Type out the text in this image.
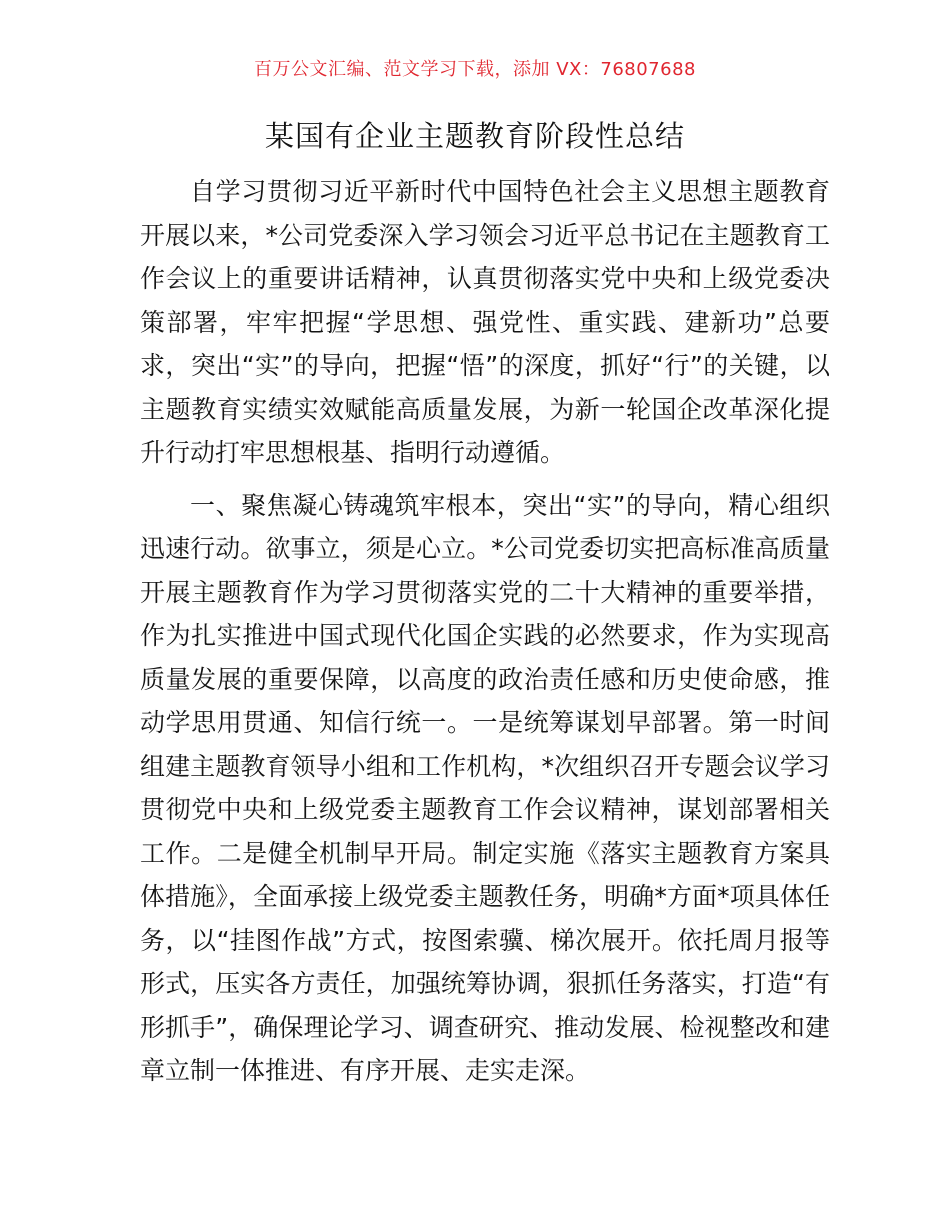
百万公文汇编、范文学习下载，添加 VX：76807688
某国有企业主题教育阶段性总结

自学习贯彻习近平新时代中国特色社会主义思想主题教育开展以来，*公司党委深入学习领会习近平总书记在主题教育工作会议上的重要讲话精神，认真贯彻落实党中央和上级党委决策部署，牢牢把握“学思想、强党性、重实践、建新功”总要求，突出“实”的导向，把握“悟”的深度，抓好“行”的关键，以主题教育实绩实效赋能高质量发展，为新一轮国企改革深化提升行动打牢思想根基、指明行动遵循。

一、聚焦凝心铸魂筑牢根本，突出“实”的导向，精心组织迅速行动。欲事立，须是心立。*公司党委切实把高标准高质量开展主题教育作为学习贯彻落实党的二十大精神的重要举措，作为扎实推进中国式现代化国企实践的必然要求，作为实现高质量发展的重要保障，以高度的政治责任感和历史使命感，推动学思用贯通、知信行统一。一是统筹谋划早部署。第一时间组建主题教育领导小组和工作机构，*次组织召开专题会议学习贯彻党中央和上级党委主题教育工作会议精神，谋划部署相关工作。二是健全机制早开局。制定实施《落实主题教育方案具体措施》，全面承接上级党委主题教任务，明确*方面*项具体任务，以“挂图作战”方式，按图索骥、梯次展开。依托周月报等形式，压实各方责任，加强统筹协调，狠抓任务落实，打造“有形抓手”，确保理论学习、调查研究、推动发展、检视整改和建章立制一体推进、有序开展、走实走深。
